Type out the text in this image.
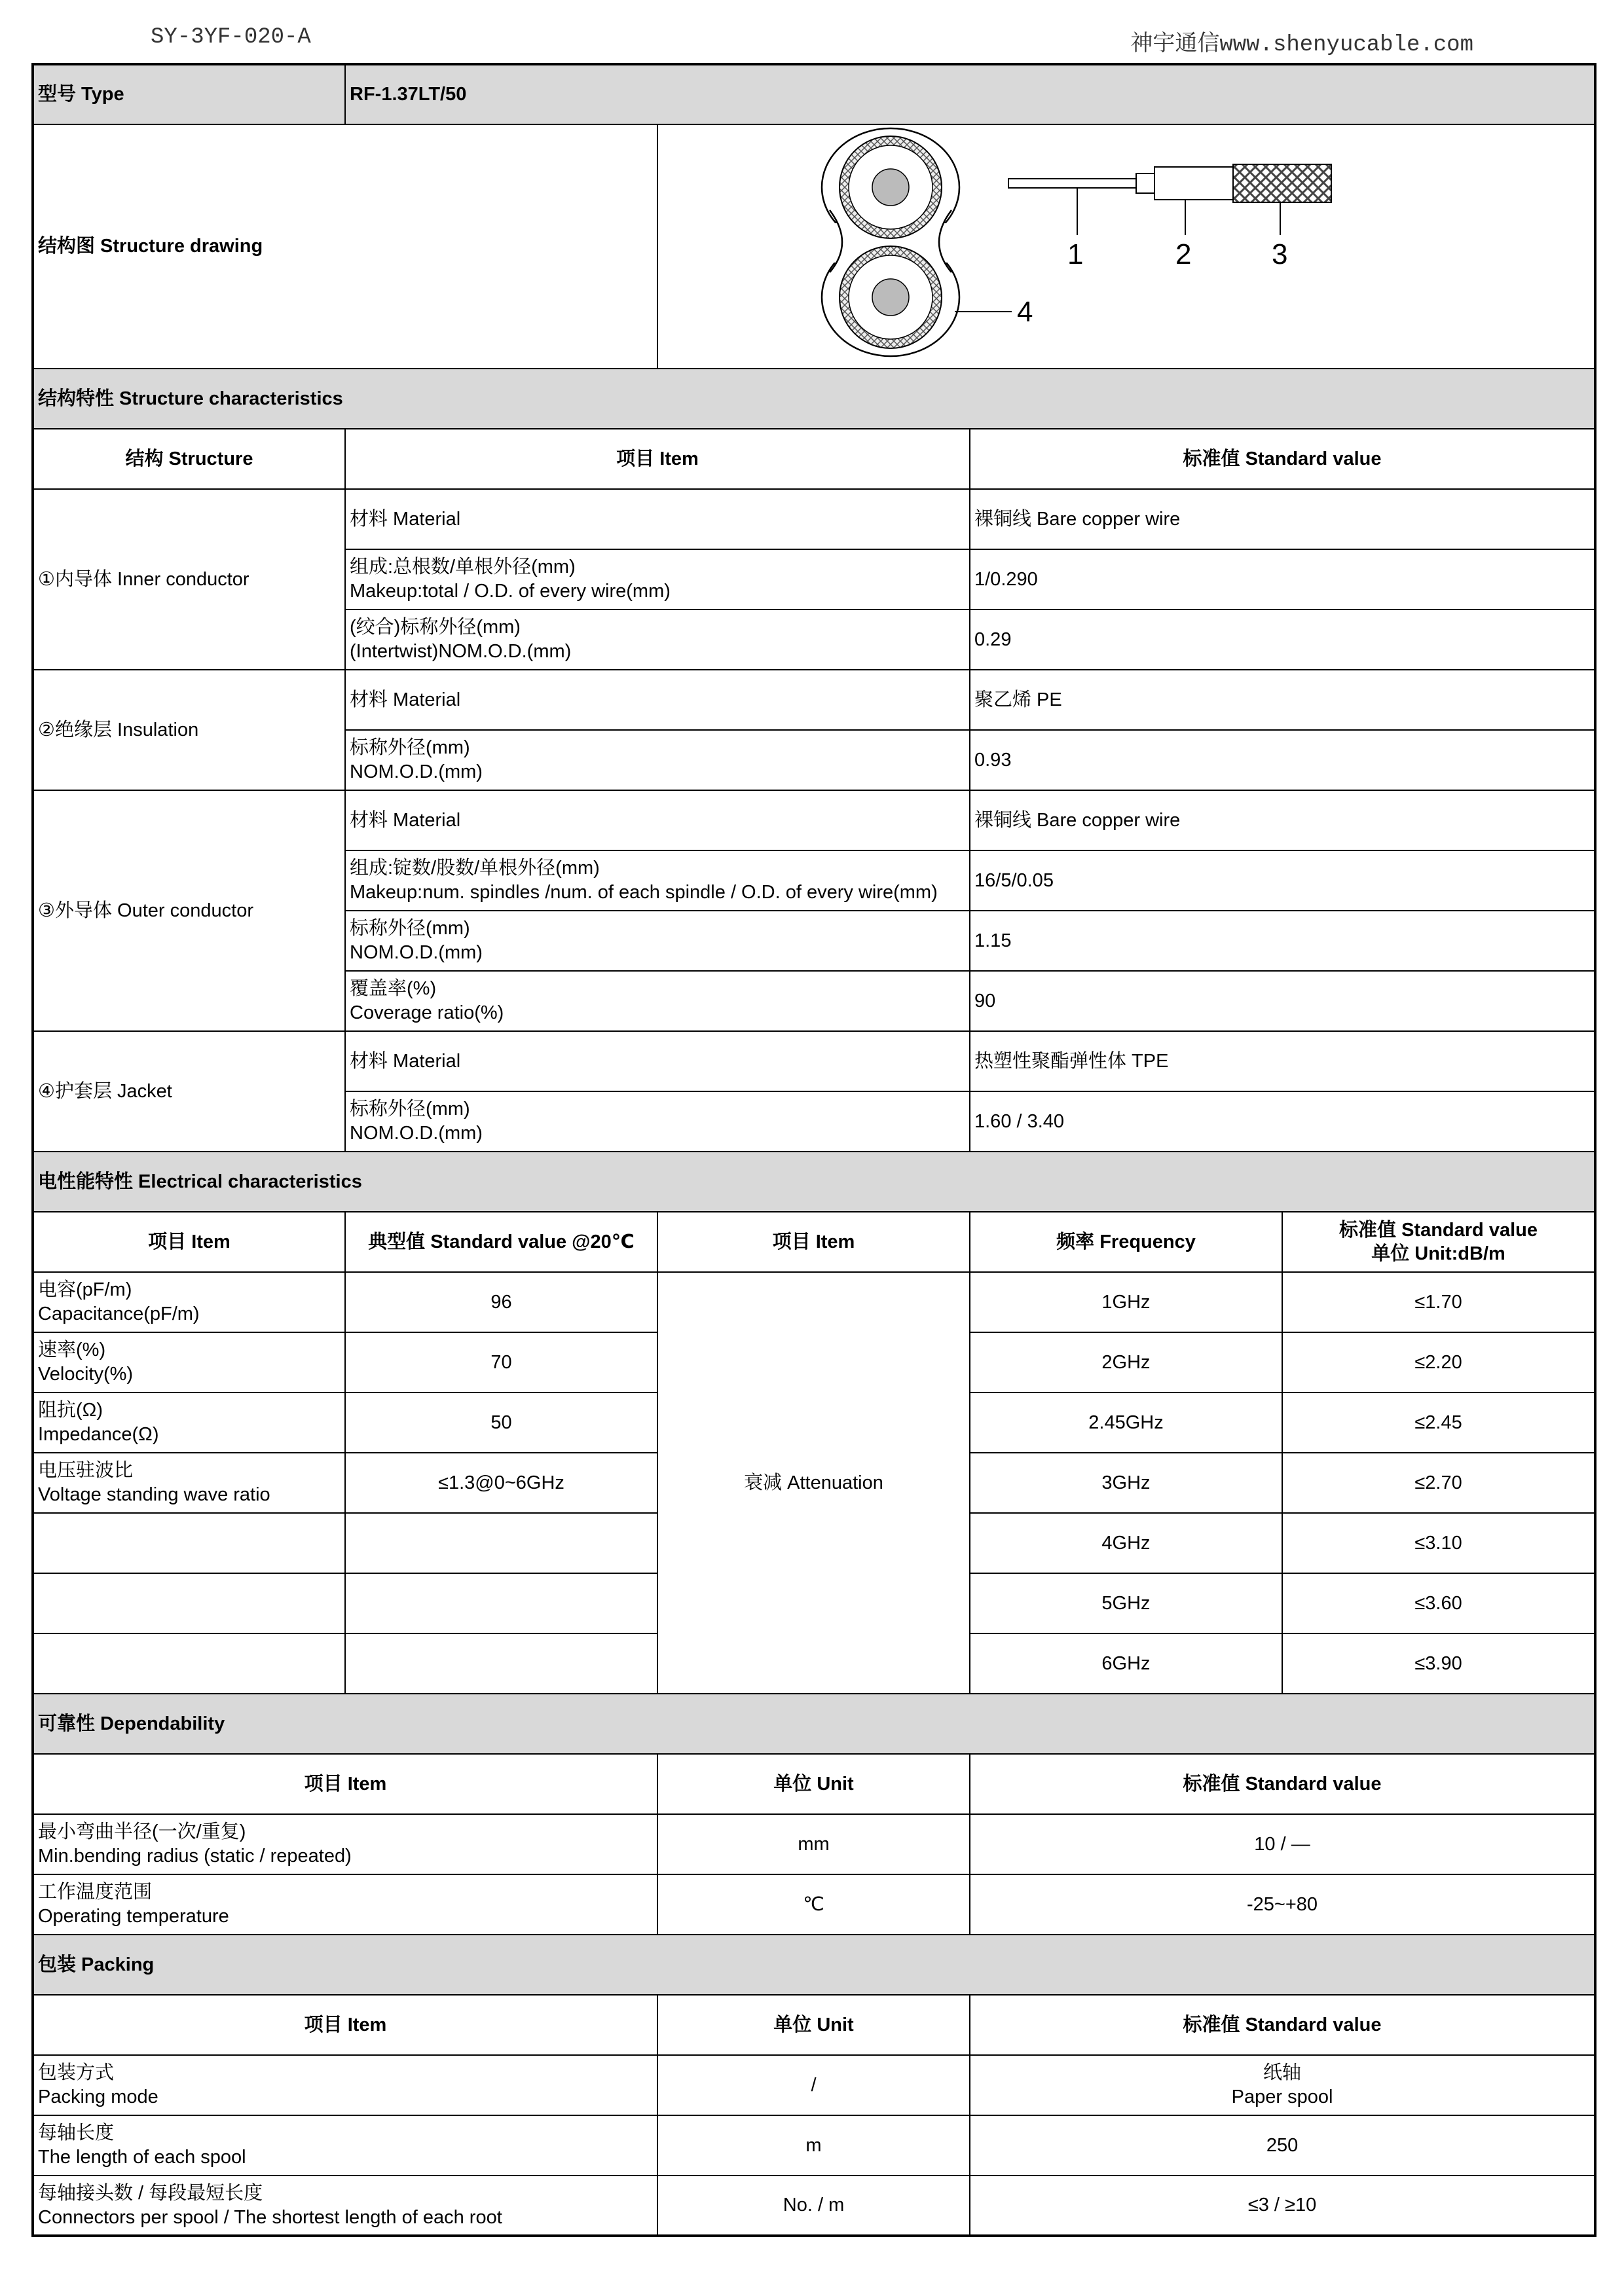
SY-3YF-020-A	神宇通信www.shenyucable.com
型号 Type	RF-1.37LT/50			
结构图 Structure drawing		4
1 2 3		

结构特性 Structure characteristics				
结构 Structure	项目 Item		标准值 Standard value	
①内导体 Inner conductor	材料 Material		裸铜线 Bare copper wire	

	组成:总根数/单根外径(mm)
Makeup:total / O.D. of every wire(mm)		1/0.290	

	(绞合)标称外径(mm)
(Intertwist)NOM.O.D.(mm)		0.29	
②绝缘层 Insulation	材料 Material		聚乙烯 PE	

	标称外径(mm)
NOM.O.D.(mm)		0.93	
③外导体 Outer conductor	材料 Material		裸铜线 Bare copper wire	

	组成:锭数/股数/单根外径(mm)
Makeup:num. spindles /num. of each spindle / O.D. of every wire(mm)		16/5/0.05	

	标称外径(mm)
NOM.O.D.(mm)		1.15	

	覆盖率(%)
Coverage ratio(%)		90	
④护套层 Jacket	材料 Material		热塑性聚酯弹性体 TPE	

	标称外径(mm)
NOM.O.D.(mm)		1.60 / 3.40	
电性能特性 Electrical characteristics				
项目 Item	典型值 Standard value @20℃	项目 Item	频率 Frequency	标准值 Standard value
单位 Unit:dB/m

电容(pF/m)
Capacitance(pF/m)	96	衰减 Attenuation	1GHz	≤1.70

速率(%)
Velocity(%)	70		2GHz	≤2.20

阻抗(Ω)
Impedance(Ω)	50		2.45GHz	≤2.45

电压驻波比
Voltage standing wave ratio	≤1.3@0~6GHz		3GHz	≤2.70
			4GHz	≤3.10
			5GHz	≤3.60
			6GHz	≤3.90
可靠性 Dependability				
项目 Item		单位 Unit	标准值 Standard value	

最小弯曲半径(一次/重复)
Min.bending radius (static / repeated)		mm	10 / —	

工作温度范围
Operating temperature		℃	-25~+80	

包装 Packing				
项目 Item		单位 Unit	标准值 Standard value	

包装方式
Packing mode		/	纸轴
Paper spool	

每轴长度
The length of each spool		m	250	

每轴接头数 / 每段最短长度
Connectors per spool / The shortest length of each root		No. / m	≤3 / ≥10	
